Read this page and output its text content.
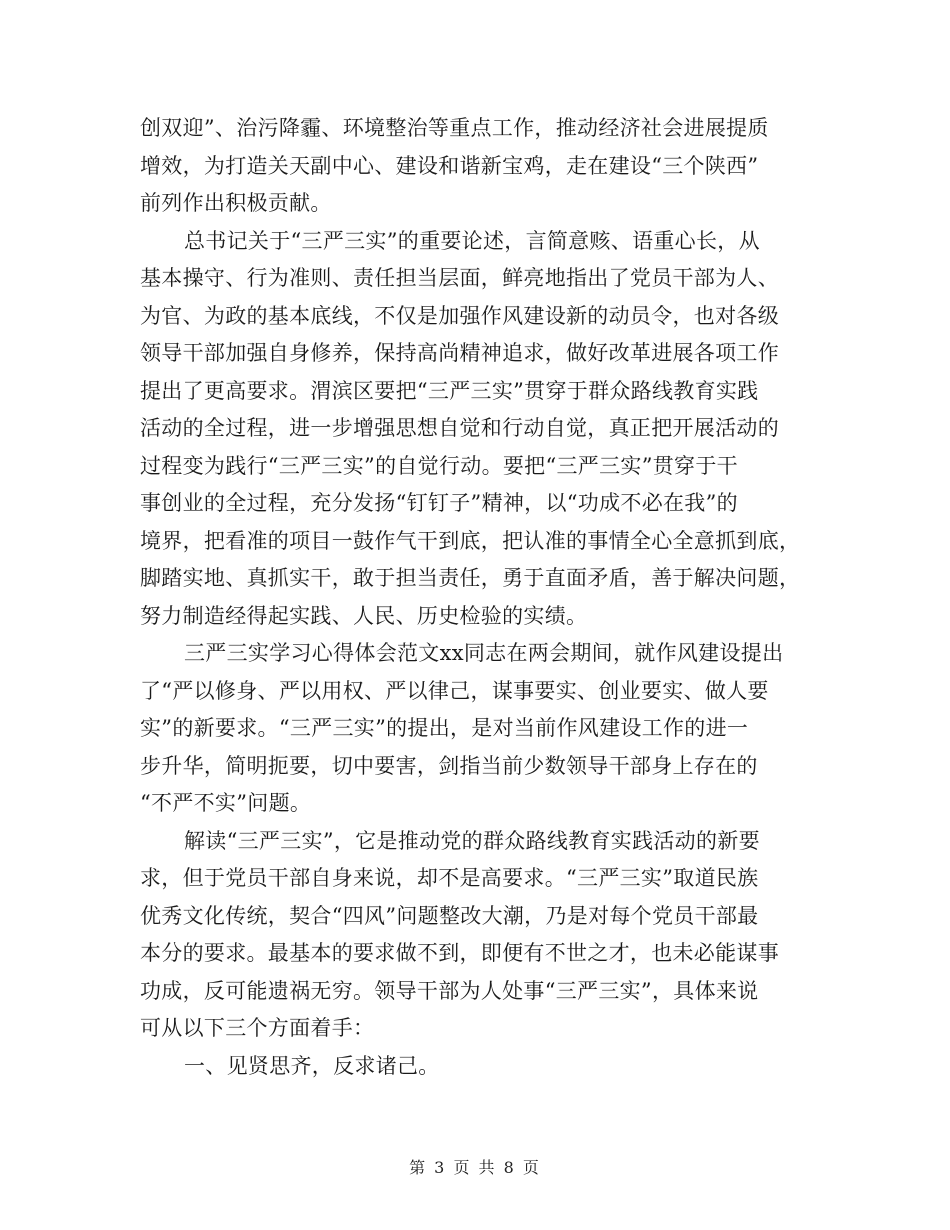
创双迎”、治污降霾、环境整治等重点工作，推动经济社会进展提质
增效，为打造关天副中心、建设和谐新宝鸡，走在建设“三个陕西”
前列作出积极贡献。
总书记关于“三严三实”的重要论述，言简意赅、语重心长，从
基本操守、行为准则、责任担当层面，鲜亮地指出了党员干部为人、
为官、为政的基本底线，不仅是加强作风建设新的动员令，也对各级
领导干部加强自身修养，保持高尚精神追求，做好改革进展各项工作
提出了更高要求。渭滨区要把“三严三实”贯穿于群众路线教育实践
活动的全过程，进一步增强思想自觉和行动自觉，真正把开展活动的
过程变为践行“三严三实”的自觉行动。要把“三严三实”贯穿于干
事创业的全过程，充分发扬“钉钉子”精神，以“功成不必在我”的
境界，把看准的项目一鼓作气干到底，把认准的事情全心全意抓到底，
脚踏实地、真抓实干，敢于担当责任，勇于直面矛盾，善于解决问题，
努力制造经得起实践、人民、历史检验的实绩。
三严三实学习心得体会范文xx同志在两会期间，就作风建设提出
了“严以修身、严以用权、严以律己，谋事要实、创业要实、做人要
实”的新要求。“三严三实”的提出，是对当前作风建设工作的进一
步升华，简明扼要，切中要害，剑指当前少数领导干部身上存在的
“不严不实”问题。
解读“三严三实”，它是推动党的群众路线教育实践活动的新要
求，但于党员干部自身来说，却不是高要求。“三严三实”取道民族
优秀文化传统，契合“四风”问题整改大潮，乃是对每个党员干部最
本分的要求。最基本的要求做不到，即便有不世之才，也未必能谋事
功成，反可能遗祸无穷。领导干部为人处事“三严三实”，具体来说
可从以下三个方面着手：
一、见贤思齐，反求诸己。
第 3 页 共 8 页
